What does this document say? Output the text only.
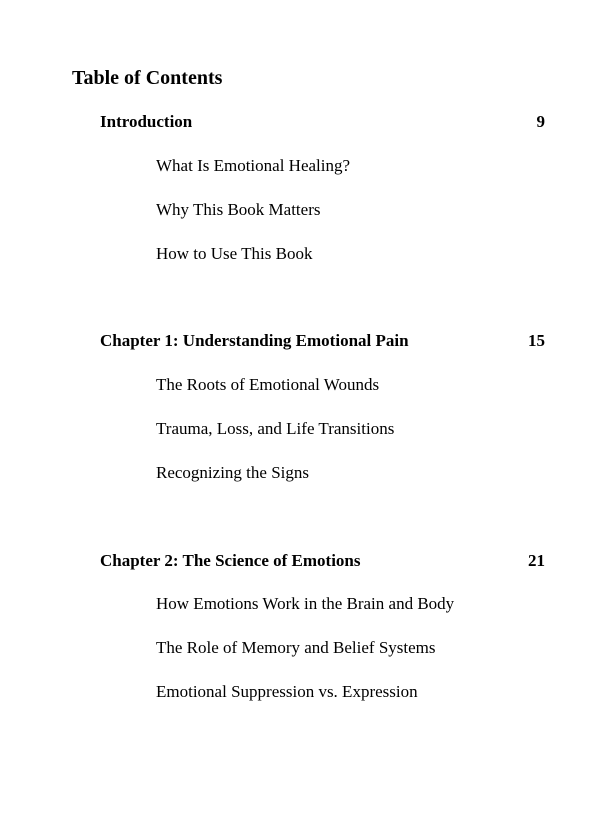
Table of Contents
Introduction	9
What Is Emotional Healing?
Why This Book Matters
How to Use This Book
Chapter 1: Understanding Emotional Pain	15
The Roots of Emotional Wounds
Trauma, Loss, and Life Transitions
Recognizing the Signs
Chapter 2: The Science of Emotions	21
How Emotions Work in the Brain and Body
The Role of Memory and Belief Systems
Emotional Suppression vs. Expression
